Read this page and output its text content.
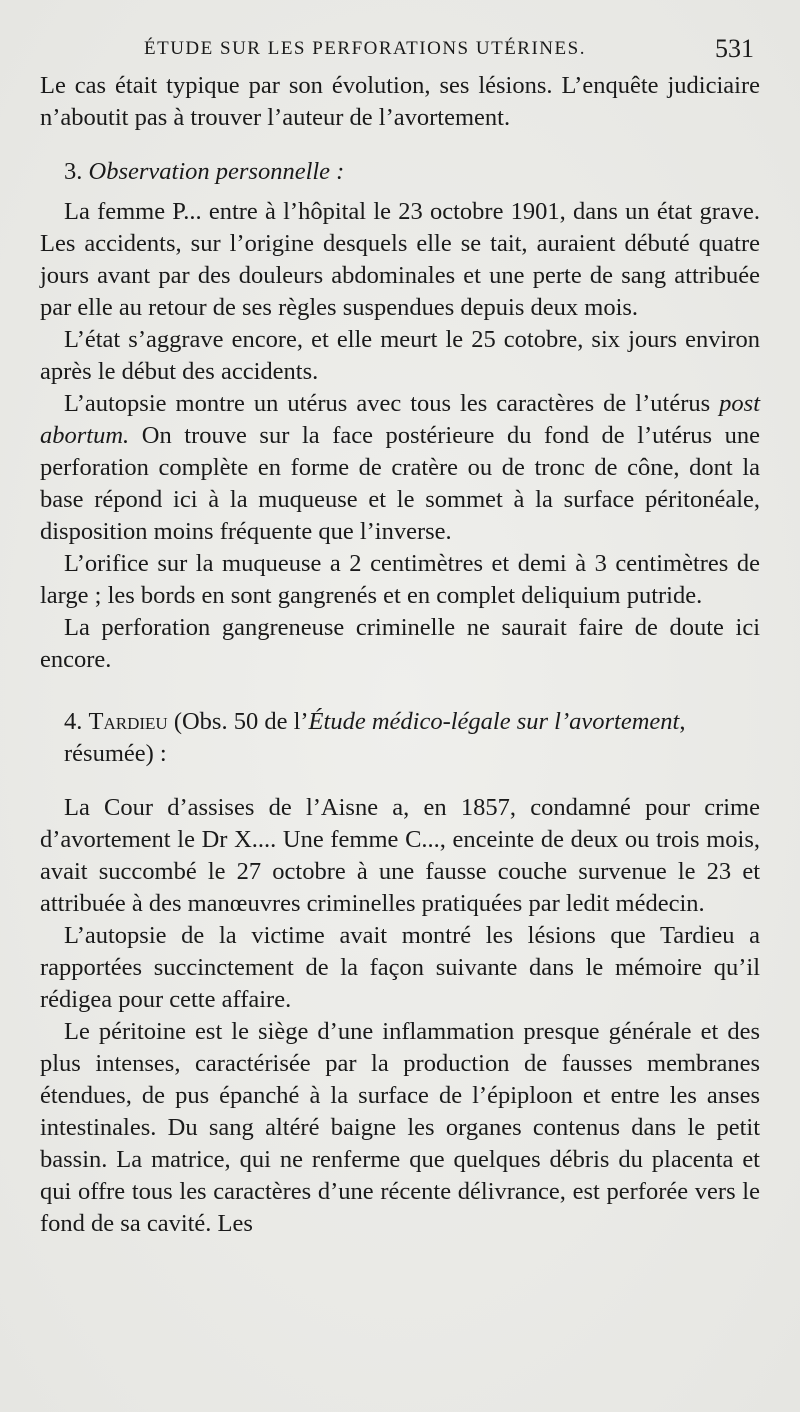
ÉTUDE SUR LES PERFORATIONS UTÉRINES.	531

Le cas était typique par son évolution, ses lésions. L’enquête judiciaire n’aboutit pas à trouver l’auteur de l’avortement.

3. Observation personnelle :

La femme P... entre à l’hôpital le 23 octobre 1901, dans un état grave. Les accidents, sur l’origine desquels elle se tait, auraient débuté quatre jours avant par des douleurs abdominales et une perte de sang attribuée par elle au retour de ses règles suspendues depuis deux mois.

L’état s’aggrave encore, et elle meurt le 25 cotobre, six jours environ après le début des accidents.

L’autopsie montre un utérus avec tous les caractères de l’utérus post abortum. On trouve sur la face postérieure du fond de l’utérus une perforation complète en forme de cratère ou de tronc de cône, dont la base répond ici à la muqueuse et le sommet à la surface péritonéale, disposition moins fréquente que l’inverse.

L’orifice sur la muqueuse a 2 centimètres et demi à 3 centimètres de large ; les bords en sont gangrenés et en complet deliquium putride.

La perforation gangreneuse criminelle ne saurait faire de doute ici encore.

4. Tardieu (Obs. 50 de l’Étude médico-légale sur l’avortement, résumée) :

La Cour d’assises de l’Aisne a, en 1857, condamné pour crime d’avortement le Dr X.... Une femme C..., enceinte de deux ou trois mois, avait succombé le 27 octobre à une fausse couche survenue le 23 et attribuée à des manœuvres criminelles pratiquées par ledit médecin.

L’autopsie de la victime avait montré les lésions que Tardieu a rapportées succinctement de la façon suivante dans le mémoire qu’il rédigea pour cette affaire.

Le péritoine est le siège d’une inflammation presque générale et des plus intenses, caractérisée par la production de fausses membranes étendues, de pus épanché à la surface de l’épiploon et entre les anses intestinales. Du sang altéré baigne les organes contenus dans le petit bassin. La matrice, qui ne renferme que quelques débris du placenta et qui offre tous les caractères d’une récente délivrance, est perforée vers le fond de sa cavité. Les
